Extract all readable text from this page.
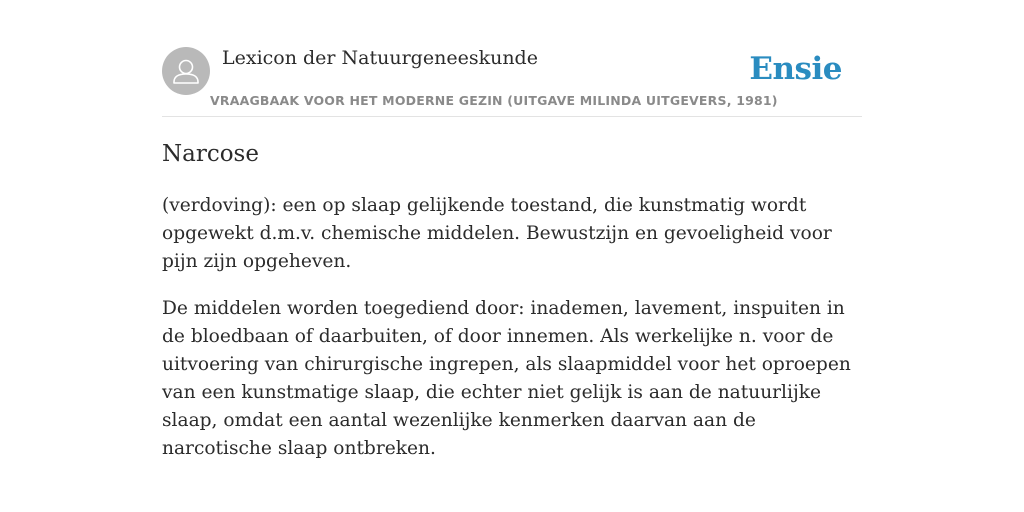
Lexicon der Natuurgeneeskunde
VRAAGBAAK VOOR HET MODERNE GEZIN (UITGAVE MILINDA UITGEVERS, 1981)
Ensie
Narcose

(verdoving): een op slaap gelijkende toestand, die kunstmatig wordt opgewekt d.m.v. chemische middelen. Bewustzijn en gevoeligheid voor pijn zijn opgeheven.

De middelen worden toegediend door: inademen, lavement, inspuiten in de bloedbaan of daarbuiten, of door innemen. Als werkelijke n. voor de uitvoering van chirurgische ingrepen, als slaapmiddel voor het oproepen van een kunstmatige slaap, die echter niet gelijk is aan de natuurlijke slaap, omdat een aantal wezenlijke kenmerken daarvan aan de narcotische slaap ontbreken.
